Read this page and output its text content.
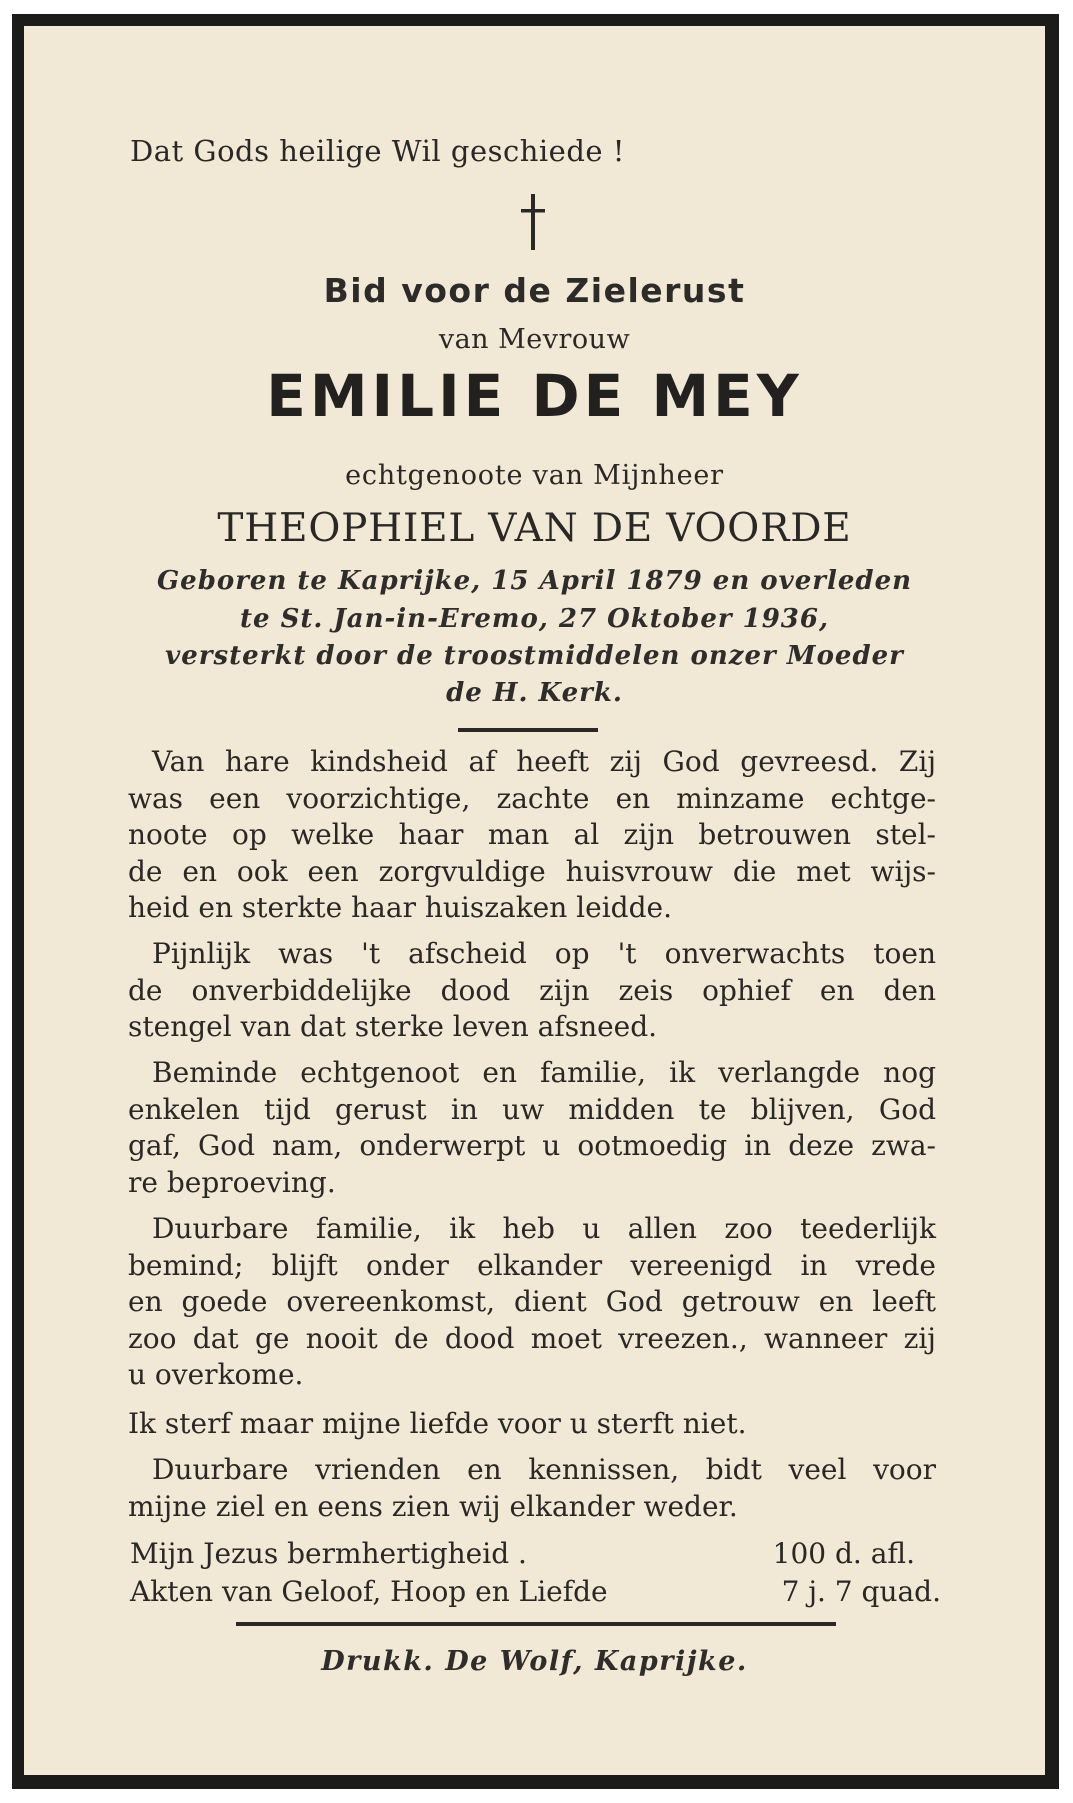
Dat Gods heilige Wil geschiede !
Bid voor de Zielerust
van Mevrouw
EMILIE DE MEY
echtgenoote van Mijnheer
THEOPHIEL VAN DE VOORDE
Geboren te Kaprijke, 15 April 1879 en overleden
te St. Jan-in-Eremo, 27 Oktober 1936,
versterkt door de troostmiddelen onzer Moeder
de H. Kerk.
Van hare kindsheid af heeft zij God gevreesd. Zij
was een voorzichtige, zachte en minzame echtge-
noote op welke haar man al zijn betrouwen stel-
de en ook een zorgvuldige huisvrouw die met wijs-
heid en sterkte haar huiszaken leidde.
Pijnlijk was 't afscheid op 't onverwachts toen
de onverbiddelijke dood zijn zeis ophief en den
stengel van dat sterke leven afsneed.
Beminde echtgenoot en familie, ik verlangde nog
enkelen tijd gerust in uw midden te blijven, God
gaf, God nam, onderwerpt u ootmoedig in deze zwa-
re beproeving.
Duurbare familie, ik heb u allen zoo teederlijk
bemind; blijft onder elkander vereenigd in vrede
en goede overeenkomst, dient God getrouw en leeft
zoo dat ge nooit de dood moet vreezen., wanneer zij
u overkome.
Ik sterf maar mijne liefde voor u sterft niet.
Duurbare vrienden en kennissen, bidt veel voor
mijne ziel en eens zien wij elkander weder.
Mijn Jezus bermhertigheid .	100 d. afl.
Akten van Geloof, Hoop en Liefde	7 j. 7 quad.
Drukk. De Wolf, Kaprijke.
